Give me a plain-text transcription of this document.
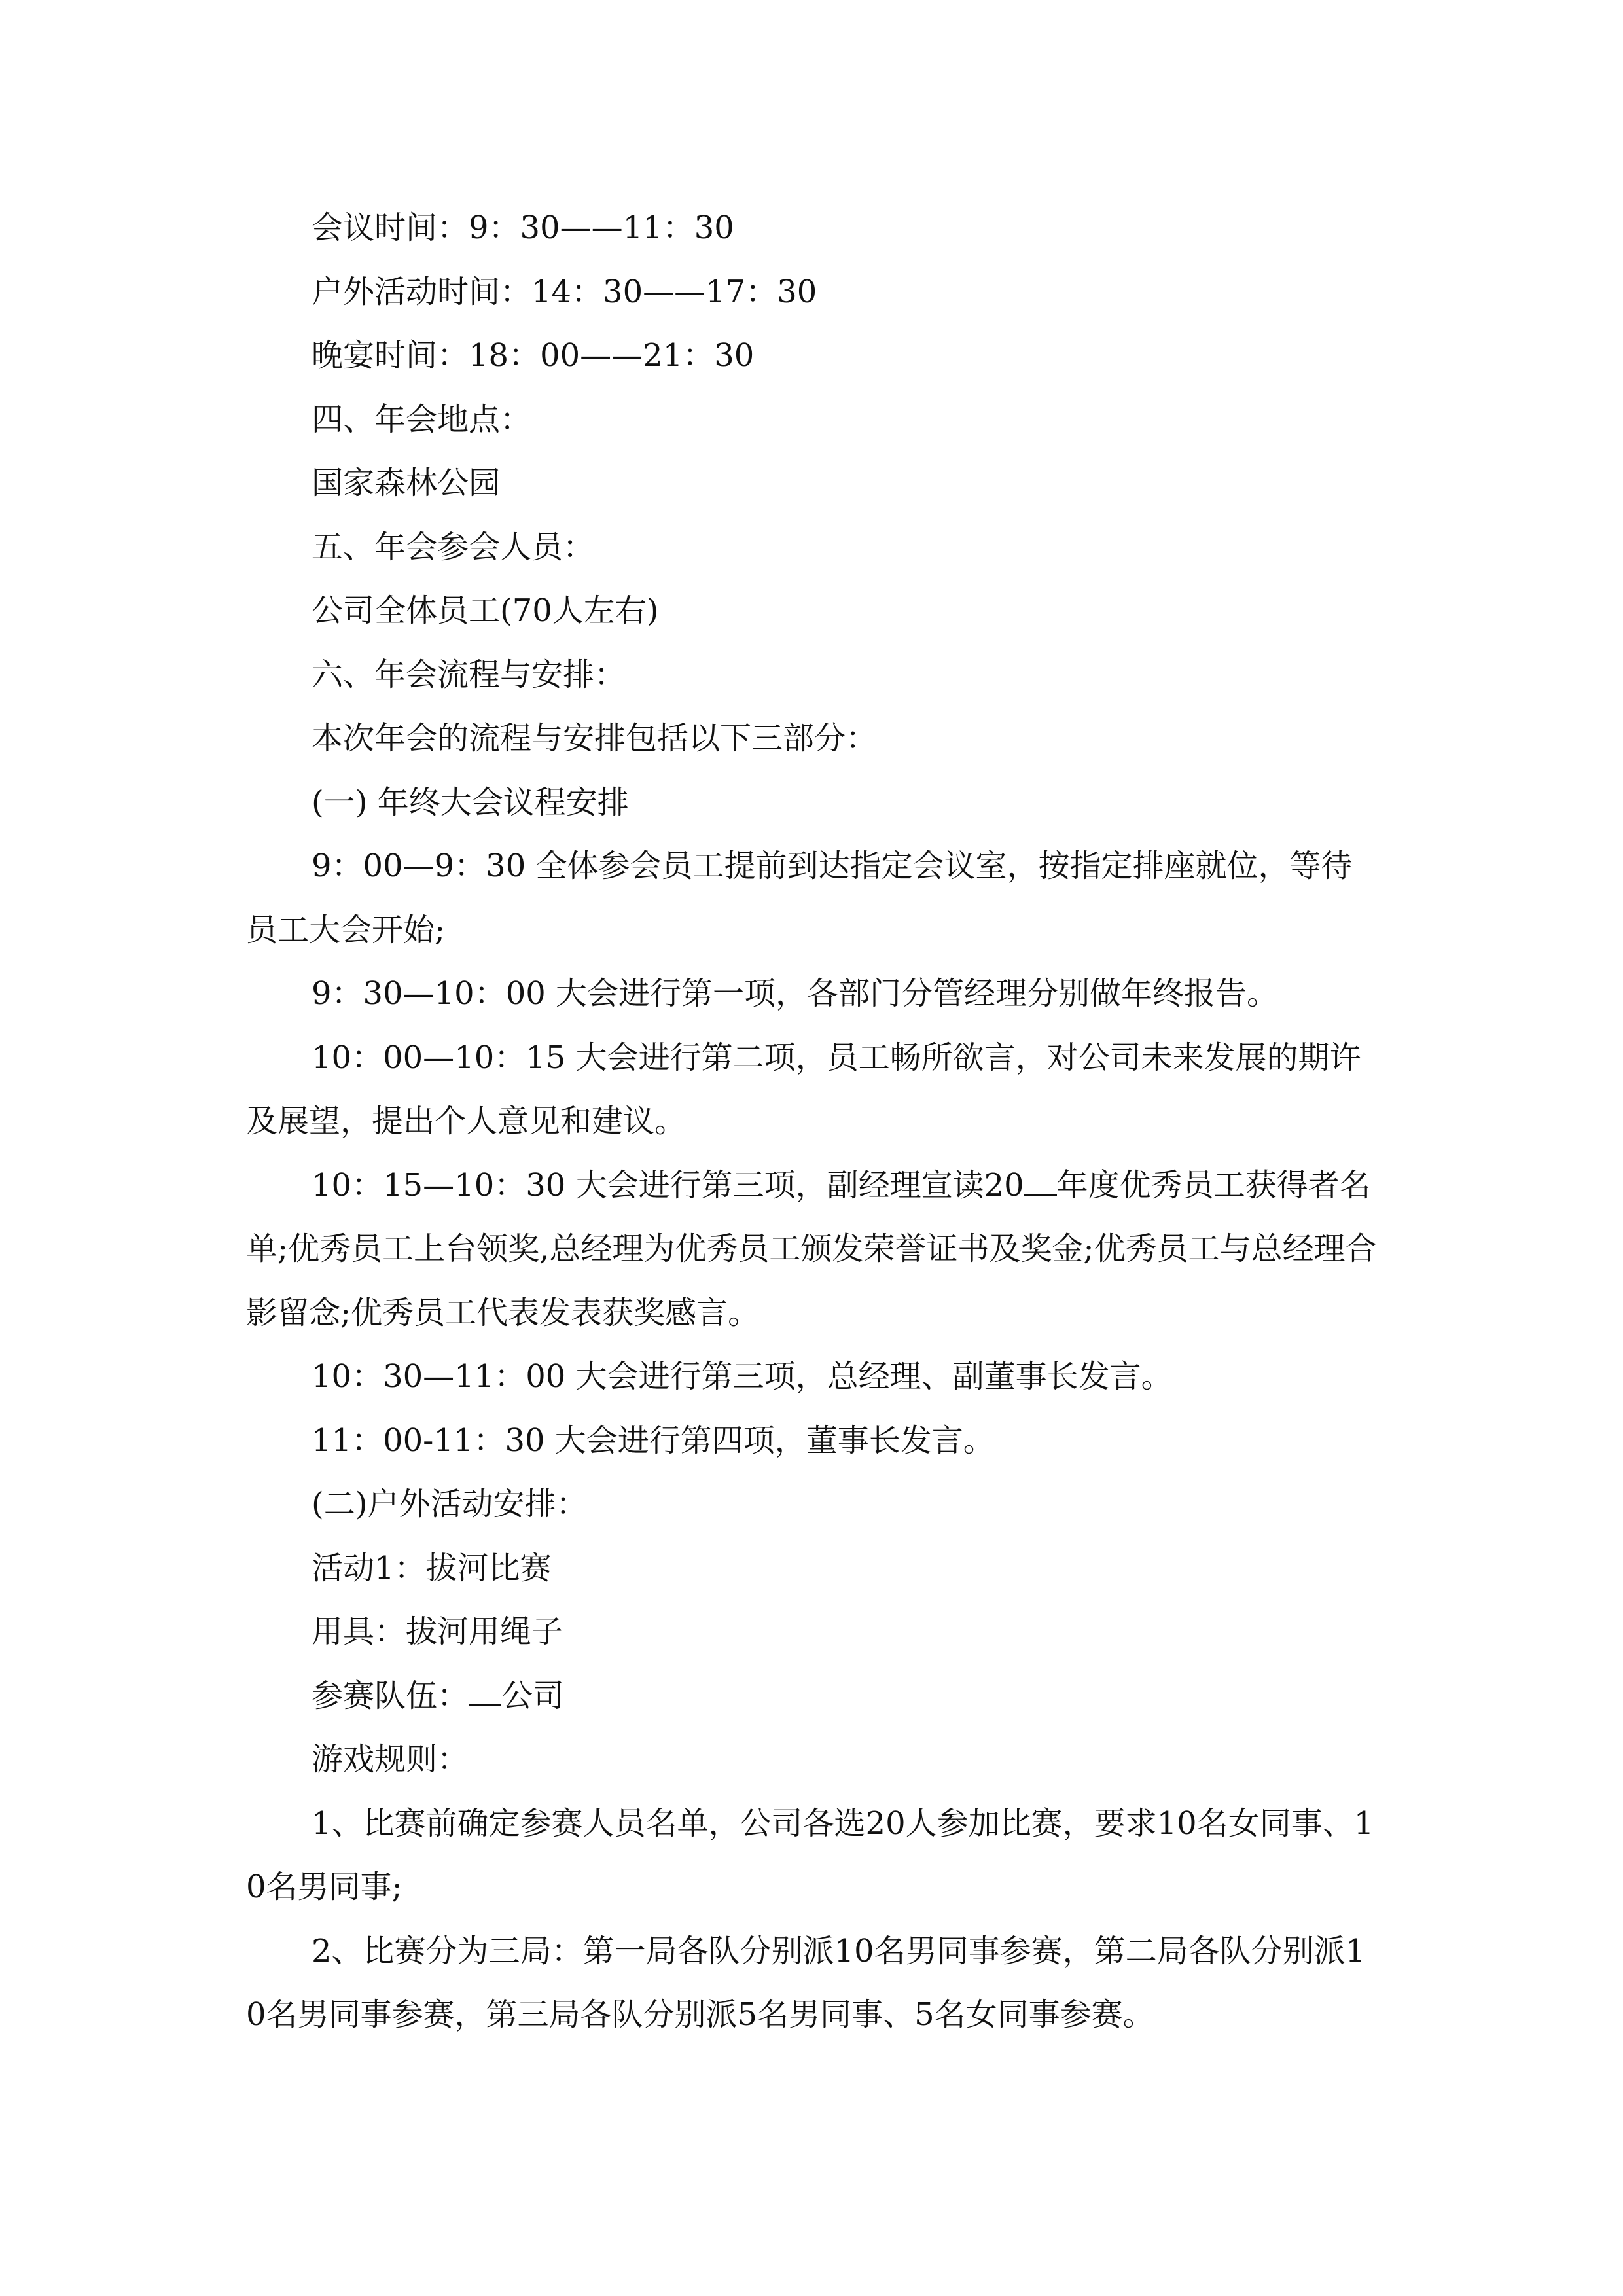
会议时间：9：30——11：30

户外活动时间：14：30——17：30

晚宴时间：18：00——21：30

四、年会地点：

国家森林公园

五、年会参会人员：

公司全体员工(70人左右)

六、年会流程与安排：

本次年会的流程与安排包括以下三部分：

(一) 年终大会议程安排

9：00—9：30 全体参会员工提前到达指定会议室，按指定排座就位，等待员工大会开始;

9：30—10：00 大会进行第一项，各部门分管经理分别做年终报告。

10：00—10：15 大会进行第二项，员工畅所欲言，对公司未来发展的期许及展望，提出个人意见和建议。

10：15—10：30 大会进行第三项，副经理宣读20 年度优秀员工获得者名单;优秀员工上台领奖,总经理为优秀员工颁发荣誉证书及奖金;优秀员工与总经理合影留念;优秀员工代表发表获奖感言。

10：30—11：00 大会进行第三项，总经理、副董事长发言。

11：00-11：30 大会进行第四项，董事长发言。

(二)户外活动安排：

活动1：拔河比赛

用具：拔河用绳子

参赛队伍： 公司

游戏规则：

1、比赛前确定参赛人员名单，公司各选20人参加比赛，要求10名女同事、10名男同事;

2、比赛分为三局：第一局各队分别派10名男同事参赛，第二局各队分别派10名男同事参赛，第三局各队分别派5名男同事、5名女同事参赛。
